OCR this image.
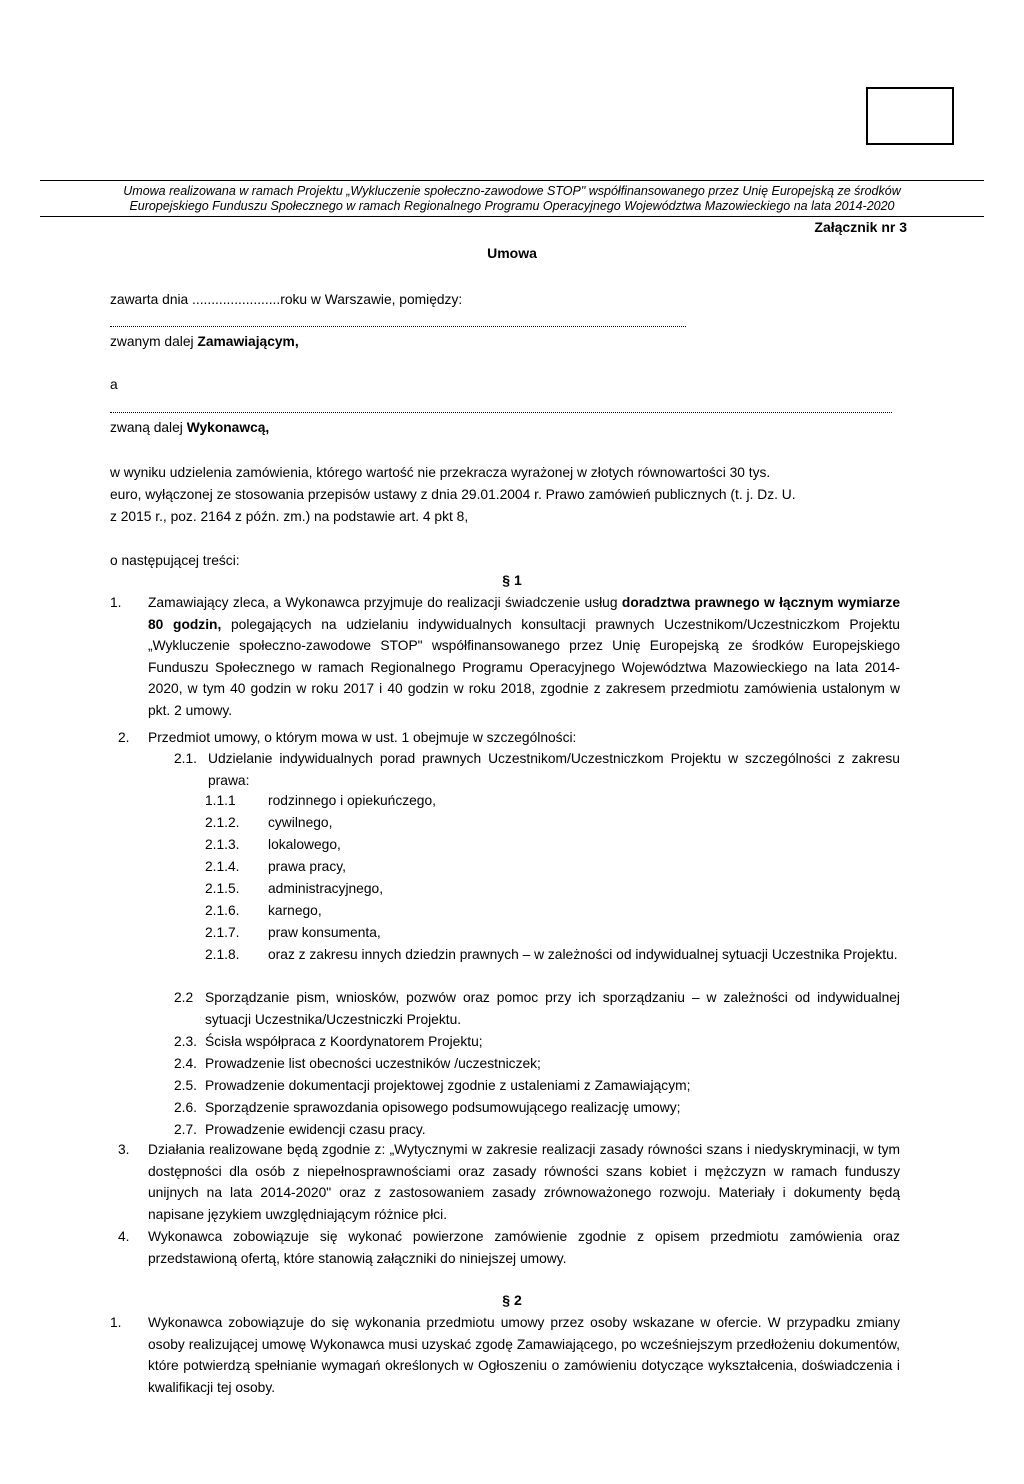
Umowa realizowana w ramach Projektu „Wykluczenie społeczno-zawodowe STOP" współfinansowanego przez Unię Europejską ze środków
Europejskiego Funduszu Społecznego w ramach Regionalnego Programu Operacyjnego Województwa Mazowieckiego na lata 2014-2020
Załącznik nr 3
Umowa
zawarta dnia .......................roku w Warszawie, pomiędzy:
zwanym dalej Zamawiającym,
a
zwaną dalej Wykonawcą,
w wyniku udzielenia zamówienia, którego wartość nie przekracza wyrażonej w złotych równowartości 30 tys.
euro, wyłączonej ze stosowania przepisów ustawy z dnia 29.01.2004 r. Prawo zamówień publicznych (t. j. Dz. U.
z 2015 r., poz. 2164 z późn. zm.) na podstawie art. 4 pkt 8,
o następującej treści:
§ 1
1. Zamawiający zleca, a Wykonawca przyjmuje do realizacji świadczenie usług doradztwa prawnego w łącznym wymiarze 80 godzin, polegających na udzielaniu indywidualnych konsultacji prawnych Uczestnikom/Uczestniczkom Projektu „Wykluczenie społeczno-zawodowe STOP" współfinansowanego przez Unię Europejską ze środków Europejskiego Funduszu Społecznego w ramach Regionalnego Programu Operacyjnego Województwa Mazowieckiego na lata 2014-2020, w tym 40 godzin w roku 2017 i 40 godzin w roku 2018, zgodnie z zakresem przedmiotu zamówienia ustalonym w pkt. 2 umowy.
2. Przedmiot umowy, o którym mowa w ust. 1 obejmuje w szczególności:
2.1. Udzielanie indywidualnych porad prawnych Uczestnikom/Uczestniczkom Projektu w szczególności z zakresu prawa:
1.1.1 rodzinnego i opiekuńczego,
2.1.2. cywilnego,
2.1.3. lokalowego,
2.1.4. prawa pracy,
2.1.5. administracyjnego,
2.1.6. karnego,
2.1.7. praw konsumenta,
2.1.8. oraz z zakresu innych dziedzin prawnych – w zależności od indywidualnej sytuacji Uczestnika Projektu.
2.2 Sporządzanie pism, wniosków, pozwów oraz pomoc przy ich sporządzaniu – w zależności od indywidualnej sytuacji Uczestnika/Uczestniczki Projektu.
2.3. Ścisła współpraca z Koordynatorem Projektu;
2.4. Prowadzenie list obecności uczestników /uczestniczek;
2.5. Prowadzenie dokumentacji projektowej zgodnie z ustaleniami z Zamawiającym;
2.6. Sporządzenie sprawozdania opisowego podsumowującego realizację umowy;
2.7. Prowadzenie ewidencji czasu pracy.
3. Działania realizowane będą zgodnie z: „Wytycznymi w zakresie realizacji zasady równości szans i niedyskryminacji, w tym dostępności dla osób z niepełnosprawnościami oraz zasady równości szans kobiet i mężczyzn w ramach funduszy unijnych na lata 2014-2020" oraz z zastosowaniem zasady zrównoważonego rozwoju. Materiały i dokumenty będą napisane językiem uwzględniającym różnice płci.
4. Wykonawca zobowiązuje się wykonać powierzone zamówienie zgodnie z opisem przedmiotu zamówienia oraz przedstawioną ofertą, które stanowią załączniki do niniejszej umowy.
§ 2
1. Wykonawca zobowiązuje do się wykonania przedmiotu umowy przez osoby wskazane w ofercie. W przypadku zmiany osoby realizującej umowę Wykonawca musi uzyskać zgodę Zamawiającego, po wcześniejszym przedłożeniu dokumentów, które potwierdzą spełnianie wymagań określonych w Ogłoszeniu o zamówieniu dotyczące wykształcenia, doświadczenia i kwalifikacji tej osoby.
